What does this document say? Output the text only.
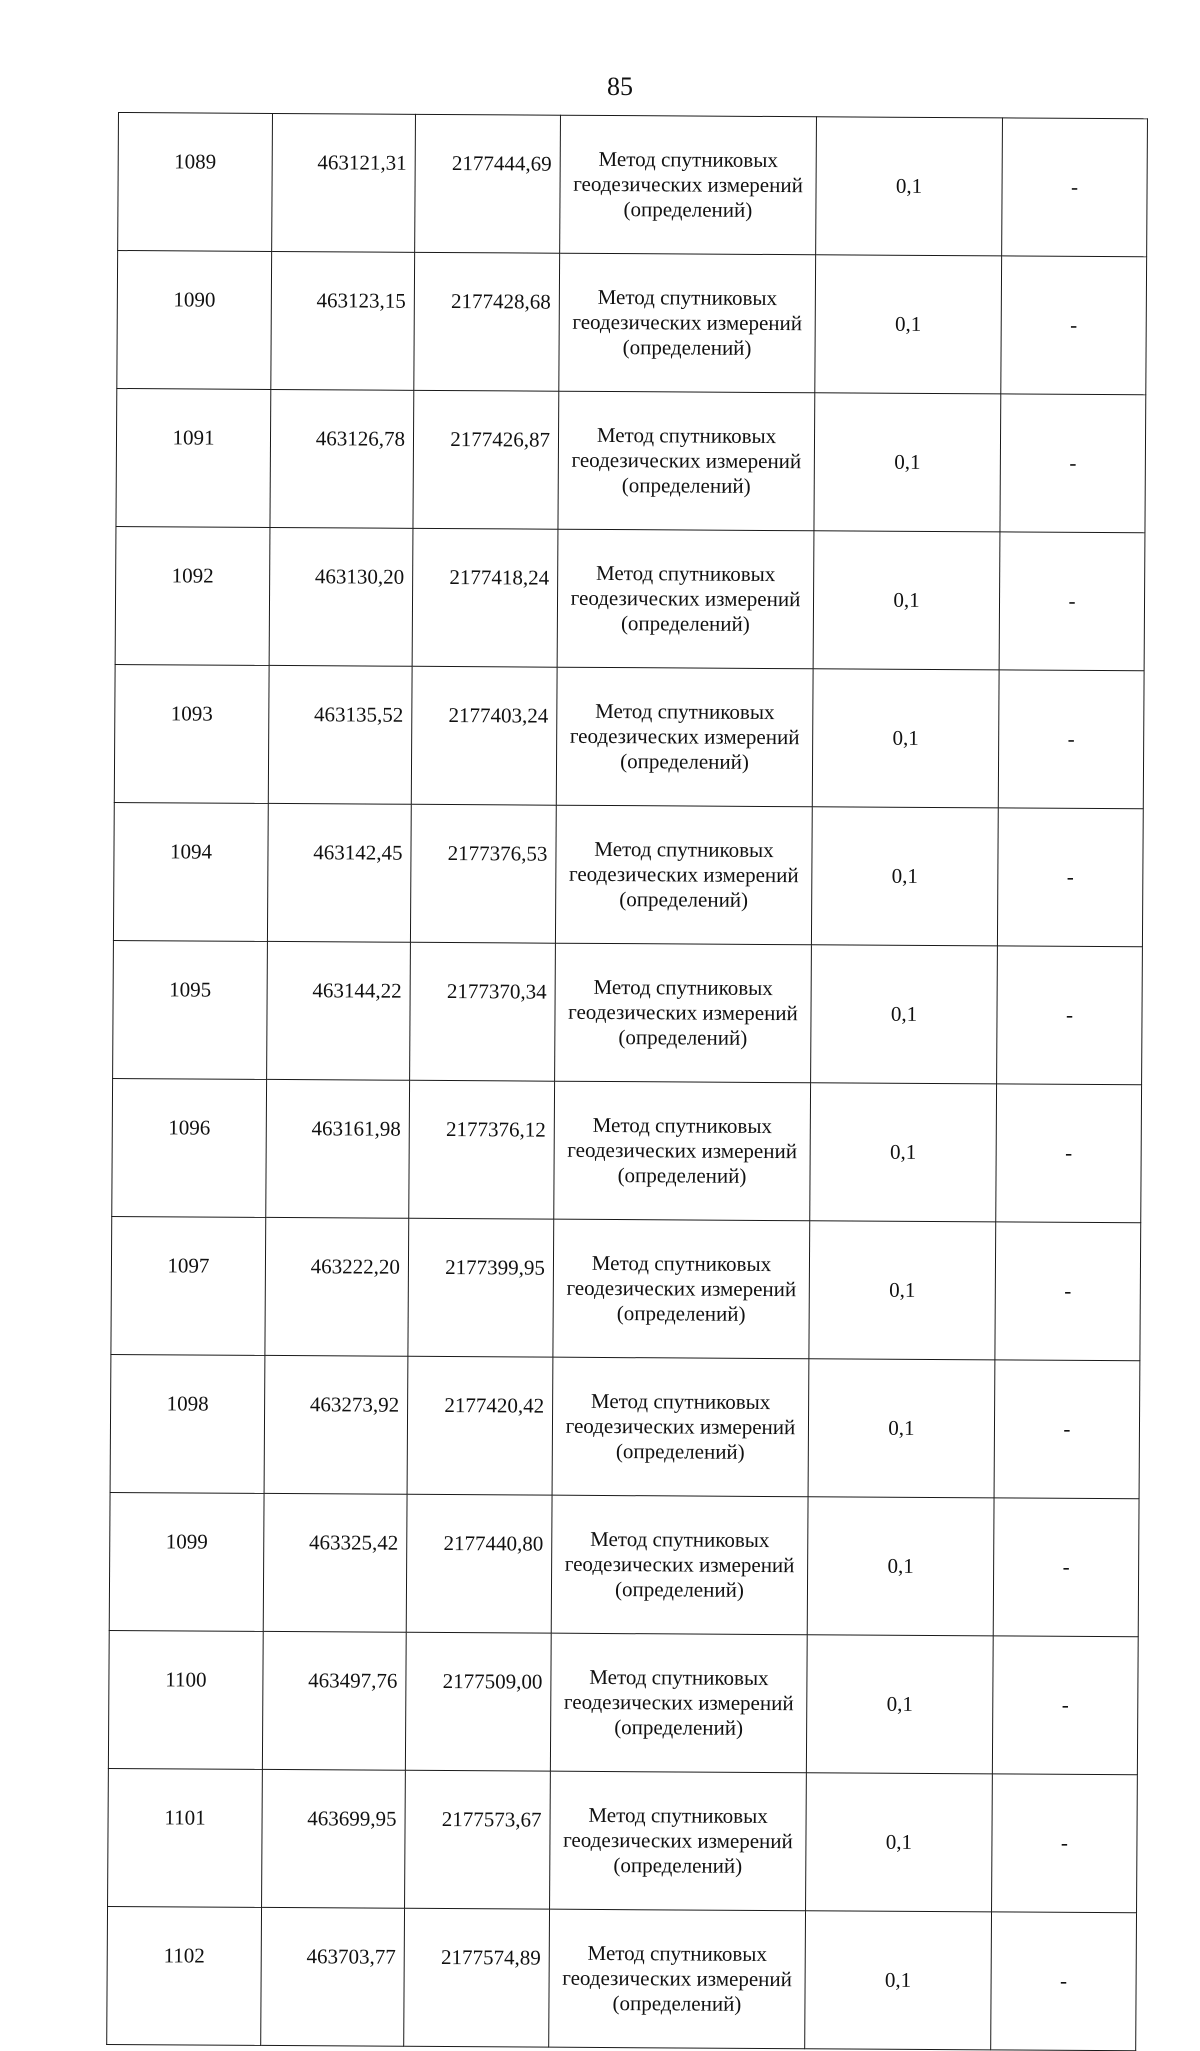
85
1089	463121,31	2177444,69	Метод спутниковых
геодезических измерений
(определений)	0,1	-
1090	463123,15	2177428,68	Метод спутниковых
геодезических измерений
(определений)	0,1	-
1091	463126,78	2177426,87	Метод спутниковых
геодезических измерений
(определений)	0,1	-
1092	463130,20	2177418,24	Метод спутниковых
геодезических измерений
(определений)	0,1	-
1093	463135,52	2177403,24	Метод спутниковых
геодезических измерений
(определений)	0,1	-
1094	463142,45	2177376,53	Метод спутниковых
геодезических измерений
(определений)	0,1	-
1095	463144,22	2177370,34	Метод спутниковых
геодезических измерений
(определений)	0,1	-
1096	463161,98	2177376,12	Метод спутниковых
геодезических измерений
(определений)	0,1	-
1097	463222,20	2177399,95	Метод спутниковых
геодезических измерений
(определений)	0,1	-
1098	463273,92	2177420,42	Метод спутниковых
геодезических измерений
(определений)	0,1	-
1099	463325,42	2177440,80	Метод спутниковых
геодезических измерений
(определений)	0,1	-
1100	463497,76	2177509,00	Метод спутниковых
геодезических измерений
(определений)	0,1	-
1101	463699,95	2177573,67	Метод спутниковых
геодезических измерений
(определений)	0,1	-
1102	463703,77	2177574,89	Метод спутниковых
геодезических измерений
(определений)	0,1	-
